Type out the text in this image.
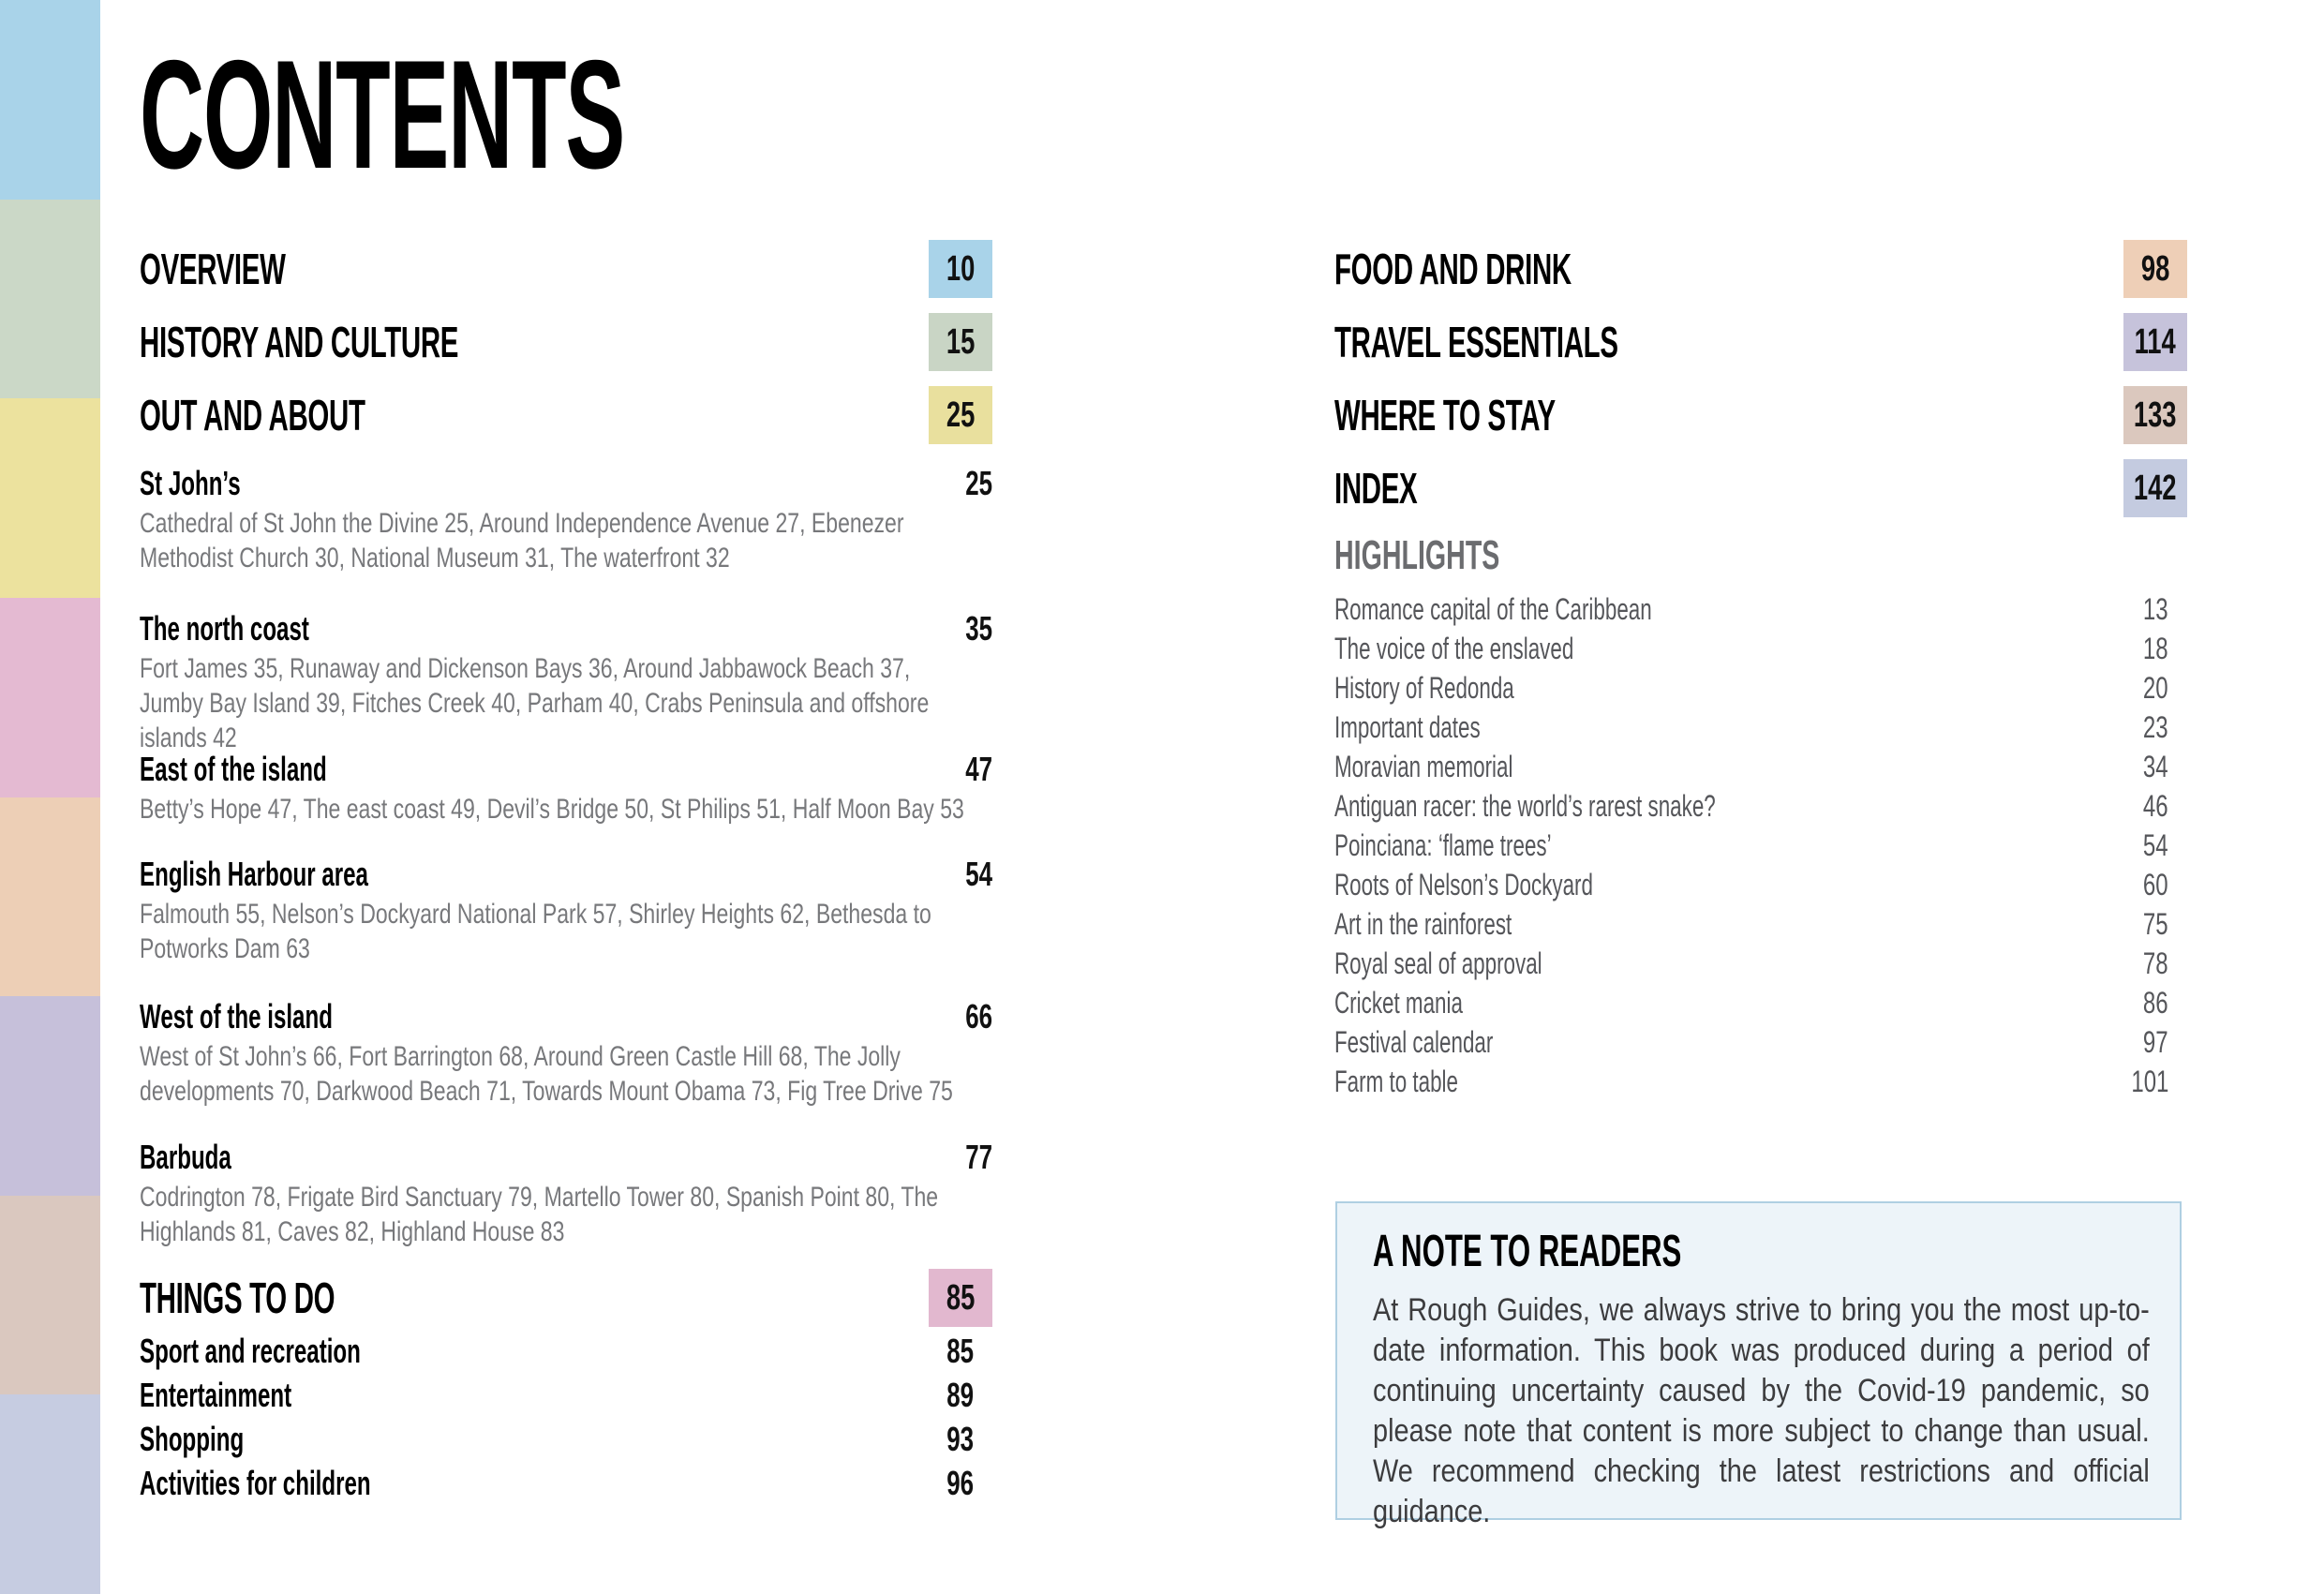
CONTENTS
OVERVIEW	10
HISTORY AND CULTURE	15
OUT AND ABOUT	25
St John’s	25
Cathedral of St John the Divine 25, Around Independence Avenue 27, Ebenezer Methodist Church 30, National Museum 31, The waterfront 32
The north coast	35
Fort James 35, Runaway and Dickenson Bays 36, Around Jabbawock Beach 37, Jumby Bay Island 39, Fitches Creek 40, Parham 40, Crabs Peninsula and offshore islands 42
East of the island	47
Betty’s Hope 47, The east coast 49, Devil’s Bridge 50, St Philips 51, Half Moon Bay 53
English Harbour area	54
Falmouth 55, Nelson’s Dockyard National Park 57, Shirley Heights 62, Bethesda to Potworks Dam 63
West of the island	66
West of St John’s 66, Fort Barrington 68, Around Green Castle Hill 68, The Jolly developments 70, Darkwood Beach 71, Towards Mount Obama 73, Fig Tree Drive 75
Barbuda	77
Codrington 78, Frigate Bird Sanctuary 79, Martello Tower 80, Spanish Point 80, The Highlands 81, Caves 82, Highland House 83
THINGS TO DO	85
Sport and recreation	85
Entertainment	89
Shopping	93
Activities for children	96
FOOD AND DRINK	98
TRAVEL ESSENTIALS	114
WHERE TO STAY	133
INDEX	142
HIGHLIGHTS
Romance capital of the Caribbean	13
The voice of the enslaved	18
History of Redonda	20
Important dates	23
Moravian memorial	34
Antiguan racer: the world’s rarest snake?	46
Poinciana: ‘flame trees’	54
Roots of Nelson’s Dockyard	60
Art in the rainforest	75
Royal seal of approval	78
Cricket mania	86
Festival calendar	97
Farm to table	101
A NOTE TO READERS
At Rough Guides, we always strive to bring you the most up-to-date information. This book was produced during a period of continuing uncertainty caused by the Covid-19 pandemic, so please note that content is more subject to change than usual. We recommend checking the latest restrictions and official guidance.
